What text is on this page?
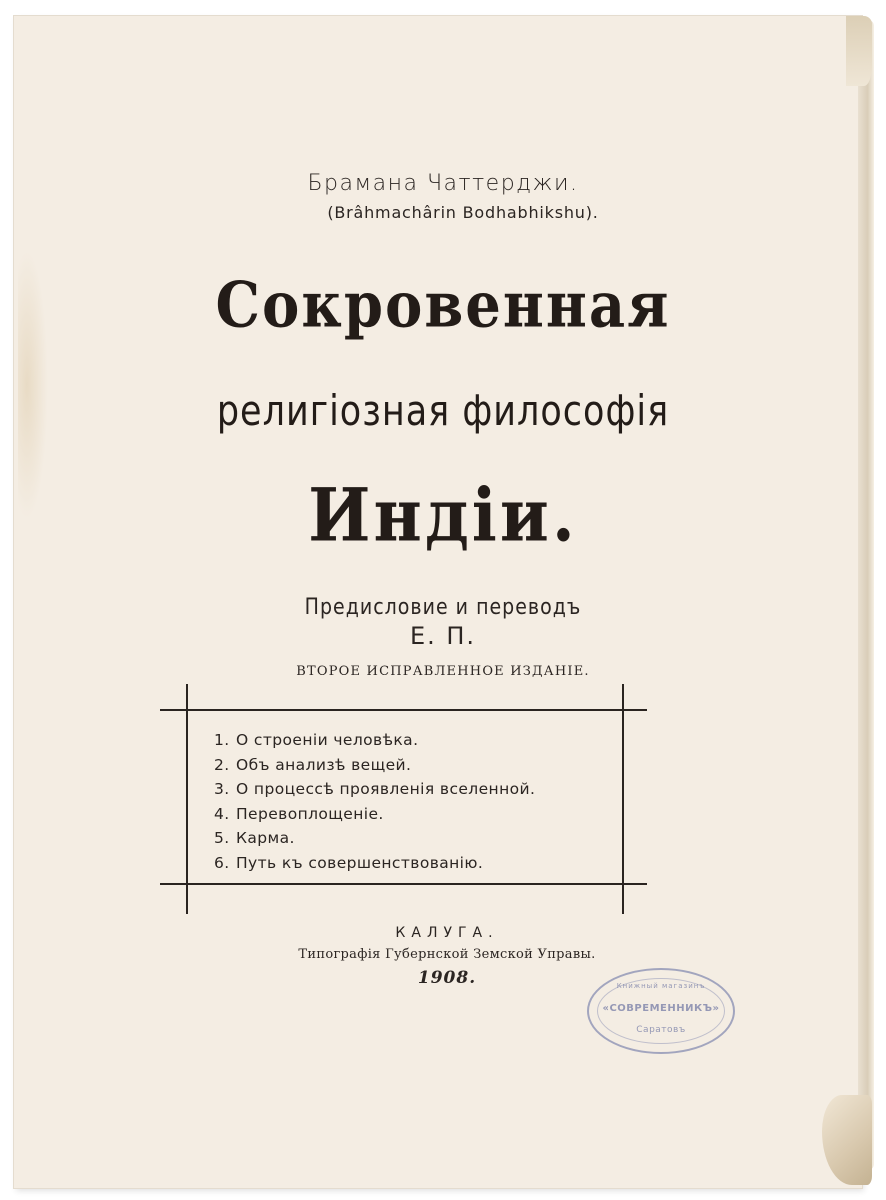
Брамана Чаттерджи.
(Brâhmachârin Bodhabhikshu).
Сокровенная
религiозная философiя
Индiи.
Предисловие и переводъ
Е. П.
ВТОРОЕ ИСПРАВЛЕННОЕ ИЗДАНIЕ.
1. О строенiи человѣка.
2. Объ анализѣ вещей.
3. О процессѣ проявленiя вселенной.
4. Перевоплощенiе.
5. Карма.
6. Путь къ совершенствованiю.
КАЛУГА.
Типографiя Губернской Земской Управы.
1908.	Книжный магазинъ
«СОВРЕМЕННИКЪ»
Саратовъ
